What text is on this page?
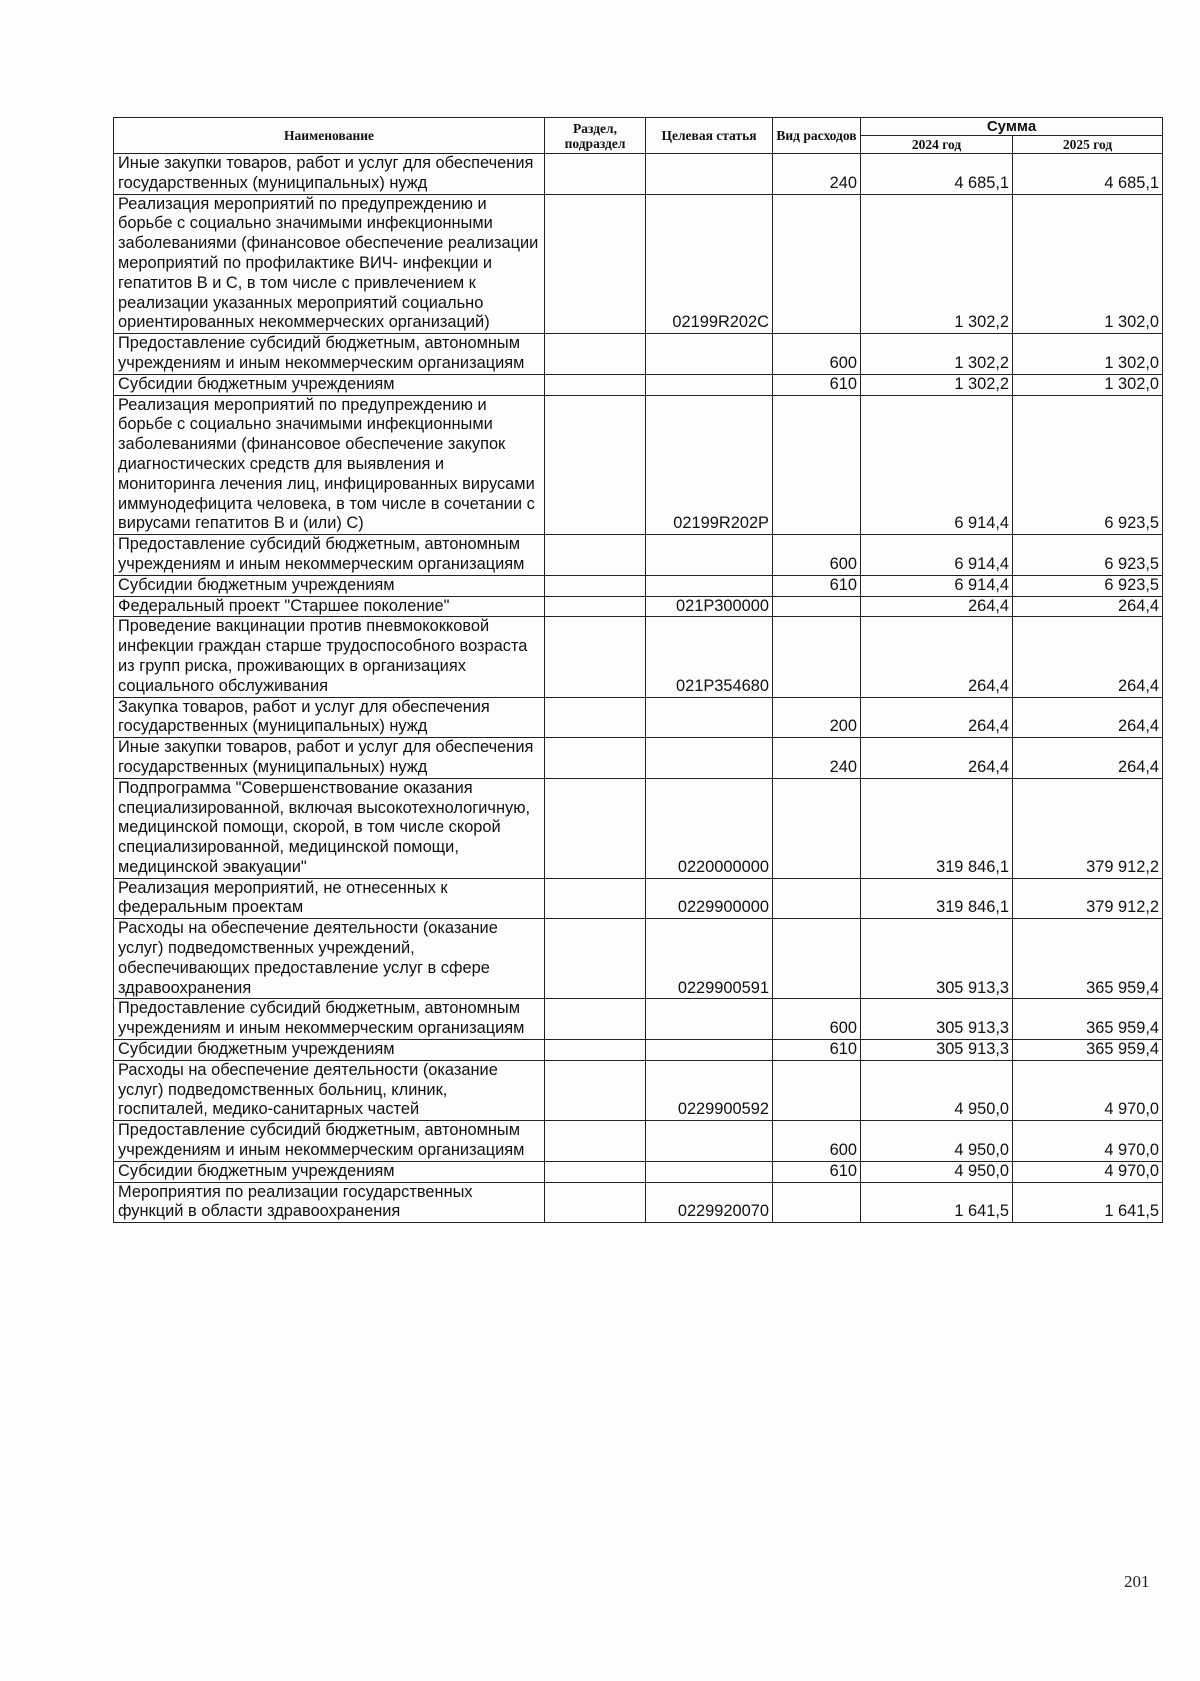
Наименование	Раздел, подраздел	Целевая статья	Вид расходов	Сумма	
				2024 год	2025 год
Иные закупки товаров, работ и услуг для обеспечения государственных (муниципальных) нужд			240	4 685,1	4 685,1
Реализация мероприятий по предупреждению и борьбе с социально значимыми инфекционными заболеваниями (финансовое обеспечение реализации мероприятий по профилактике ВИЧ- инфекции и гепатитов В и С, в том числе с привлечением к реализации указанных мероприятий социально ориентированных некоммерческих организаций)		02199R202C		1 302,2	1 302,0
Предоставление субсидий бюджетным, автономным учреждениям и иным некоммерческим организациям			600	1 302,2	1 302,0
Субсидии бюджетным учреждениям			610	1 302,2	1 302,0
Реализация мероприятий по предупреждению и борьбе с социально значимыми инфекционными заболеваниями (финансовое обеспечение закупок диагностических средств для выявления и мониторинга лечения лиц, инфицированных вирусами иммунодефицита человека, в том числе в сочетании с вирусами гепатитов В и (или) С)		02199R202P		6 914,4	6 923,5
Предоставление субсидий бюджетным, автономным учреждениям и иным некоммерческим организациям			600	6 914,4	6 923,5
Субсидии бюджетным учреждениям			610	6 914,4	6 923,5
Федеральный проект "Старшее поколение"		021P300000		264,4	264,4
Проведение вакцинации против пневмококковой инфекции граждан старше трудоспособного возраста из групп риска, проживающих в организациях социального обслуживания		021P354680		264,4	264,4
Закупка товаров, работ и услуг для обеспечения государственных (муниципальных) нужд			200	264,4	264,4
Иные закупки товаров, работ и услуг для обеспечения государственных (муниципальных) нужд			240	264,4	264,4
Подпрограмма "Совершенствование оказания специализированной, включая высокотехнологичную, медицинской помощи, скорой, в том числе скорой специализированной, медицинской помощи, медицинской эвакуации"		0220000000		319 846,1	379 912,2
Реализация мероприятий, не отнесенных к федеральным проектам		0229900000		319 846,1	379 912,2
Расходы на обеспечение деятельности (оказание услуг) подведомственных учреждений, обеспечивающих предоставление услуг в сфере здравоохранения		0229900591		305 913,3	365 959,4
Предоставление субсидий бюджетным, автономным учреждениям и иным некоммерческим организациям			600	305 913,3	365 959,4
Субсидии бюджетным учреждениям			610	305 913,3	365 959,4
Расходы на обеспечение деятельности (оказание услуг) подведомственных больниц, клиник, госпиталей, медико-санитарных частей		0229900592		4 950,0	4 970,0
Предоставление субсидий бюджетным, автономным учреждениям и иным некоммерческим организациям			600	4 950,0	4 970,0
Субсидии бюджетным учреждениям			610	4 950,0	4 970,0
Мероприятия по реализации государственных функций в области здравоохранения		0229920070		1 641,5	1 641,5
201
